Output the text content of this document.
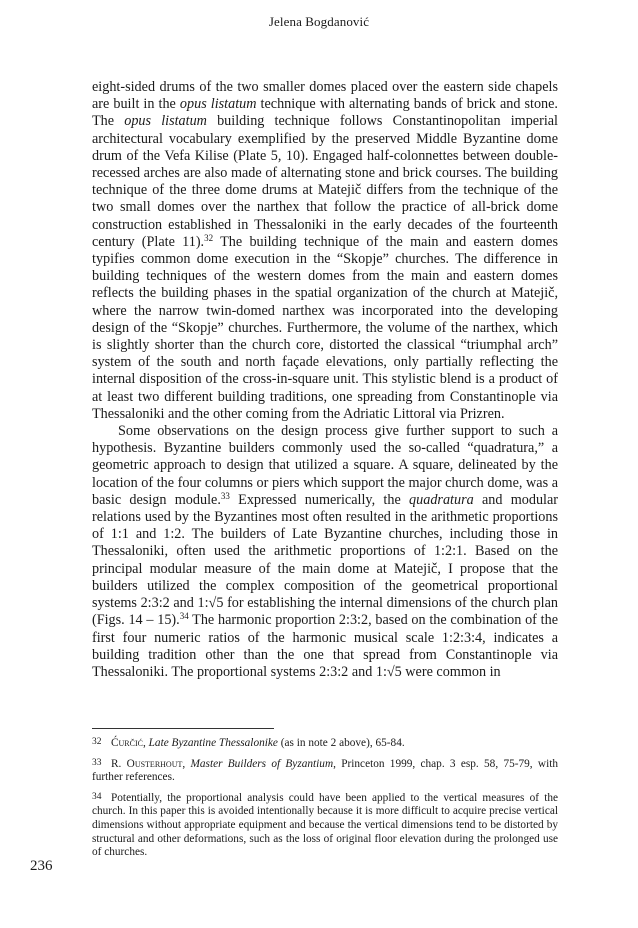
Jelena Bogdanović

eight-sided drums of the two smaller domes placed over the eastern side chapels are built in the opus listatum technique with alternating bands of brick and stone. The opus listatum building technique follows Constantinopolitan imperial architectural vocabulary exemplified by the preserved Middle Byzantine dome drum of the Vefa Kilise (Plate 5, 10). Engaged half-colonnettes between double-recessed arches are also made of alternating stone and brick courses. The building technique of the three dome drums at Matejič differs from the technique of the two small domes over the narthex that follow the practice of all-brick dome construction established in Thessaloniki in the early decades of the fourteenth century (Plate 11).$^{32}$ The building technique of the main and eastern domes typifies common dome execution in the “Skopje” churches. The difference in building techniques of the western domes from the main and eastern domes reflects the building phases in the spatial organization of the church at Matejič, where the narrow twin-domed narthex was incorporated into the developing design of the “Skopje” churches. Furthermore, the volume of the narthex, which is slightly shorter than the church core, distorted the classical “triumphal arch” system of the south and north façade elevations, only partially reflecting the internal disposition of the cross-in-square unit. This stylistic blend is a product of at least two different building traditions, one spreading from Constantinople via Thessaloniki and the other coming from the Adriatic Littoral via Prizren.

Some observations on the design process give further support to such a hypothesis. Byzantine builders commonly used the so-called “quadratura,” a geometric approach to design that utilized a square. A square, delineated by the location of the four columns or piers which support the major church dome, was a basic design module.$^{33}$ Expressed numerically, the quadratura and modular relations used by the Byzantines most often resulted in the arithmetic proportions of 1:1 and 1:2. The builders of Late Byzantine churches, including those in Thessaloniki, often used the arithmetic proportions of 1:2:1. Based on the principal modular measure of the main dome at Matejič, I propose that the builders utilized the complex composition of the geometrical proportional systems 2:3:2 and 1:√5 for establishing the internal dimensions of the church plan (Figs. 14 – 15).$^{34}$ The harmonic proportion 2:3:2, based on the combination of the first four numeric ratios of the harmonic musical scale 1:2:3:4, indicates a building tradition other than the one that spread from Constantinople via Thessaloniki. The proportional systems 2:3:2 and 1:√5 were common in

32 Ćurčić, Late Byzantine Thessalonike (as in note 2 above), 65-84.

33 R. Ousterhout, Master Builders of Byzantium, Princeton 1999, chap. 3 esp. 58, 75-79, with further references.

34 Potentially, the proportional analysis could have been applied to the vertical measures of the church. In this paper this is avoided intentionally because it is more difficult to acquire precise vertical dimensions without appropriate equipment and because the vertical dimensions tend to be distorted by structural and other deformations, such as the loss of original floor elevation during the prolonged use of churches.

236
